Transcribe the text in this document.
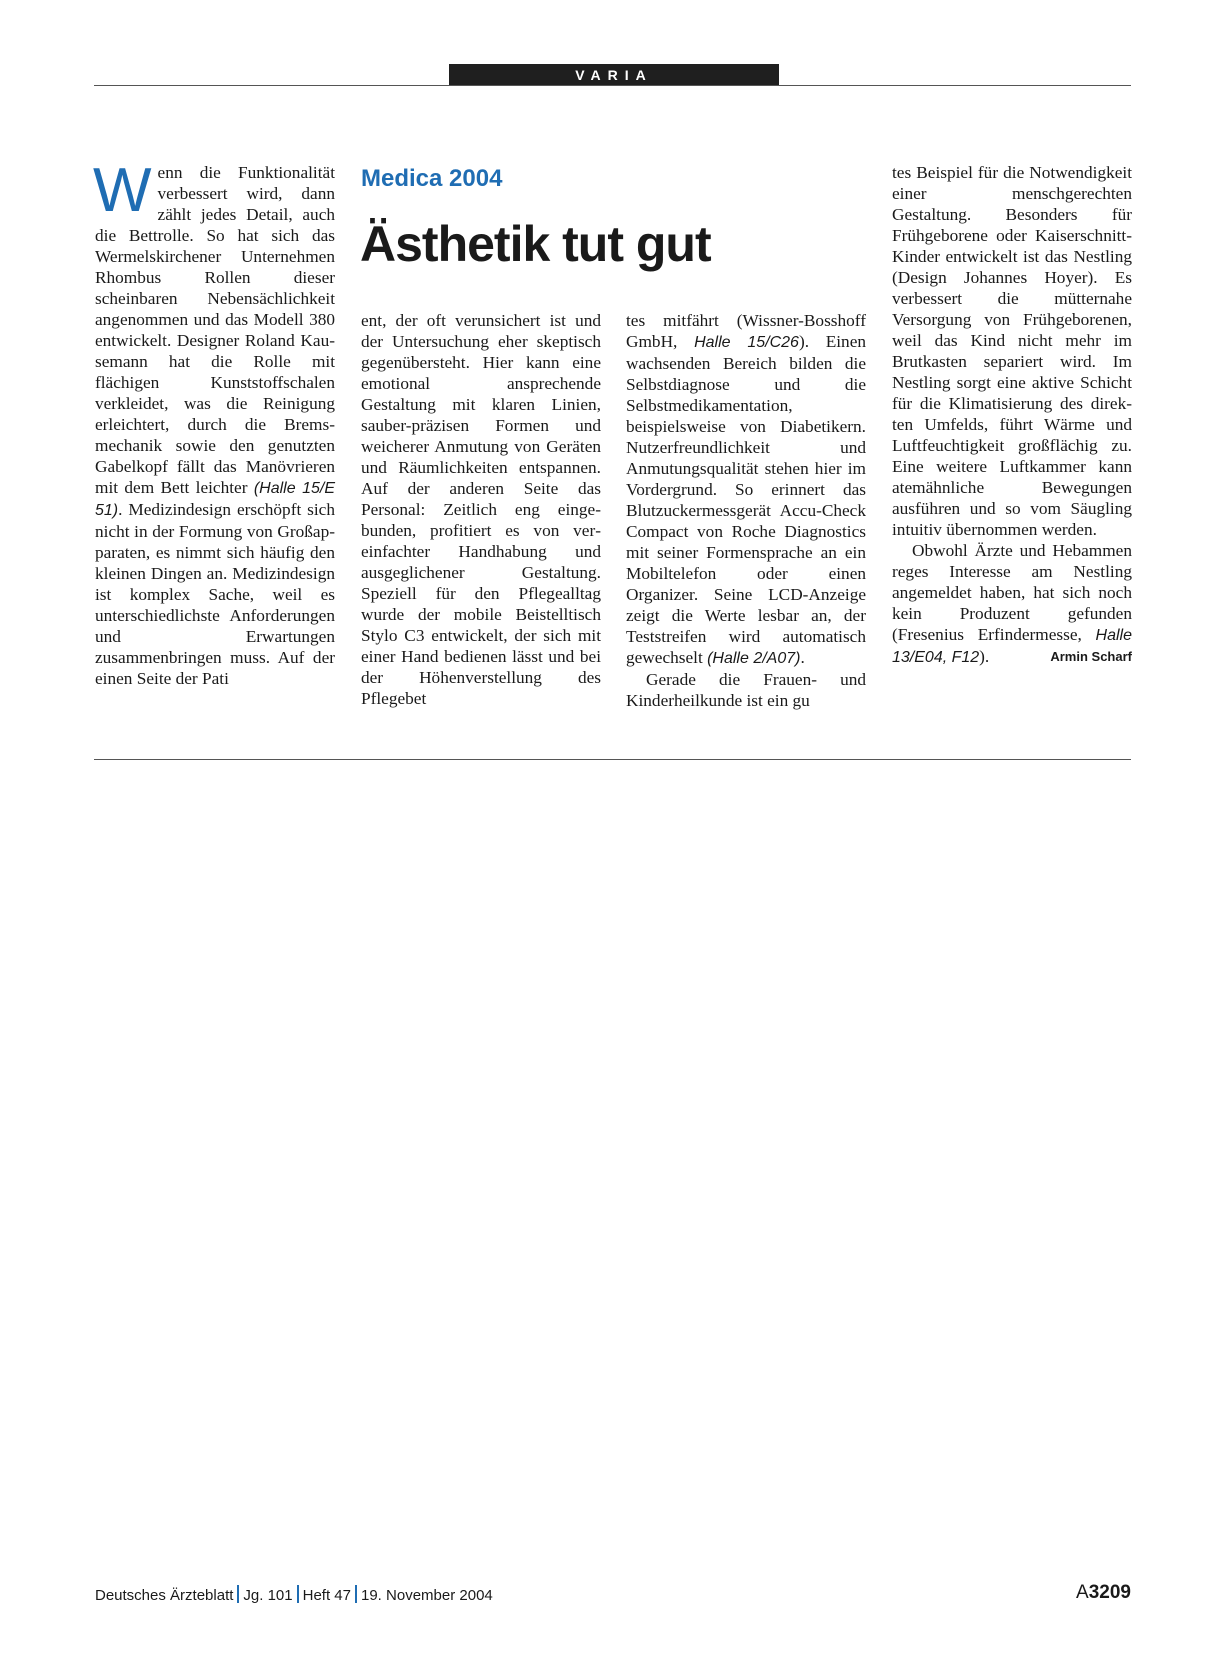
VARIA
Medica 2004
Ästhetik tut gut

Wenn die Funktionalität verbessert wird, dann zählt jedes Detail, auch die Bettrolle. So hat sich das Wermelskirchener Unternehmen Rhombus Rollen dieser scheinbaren Nebensächlichkeit angenommen und das Modell 380 entwickelt. Designer Roland Kausemann hat die Rolle mit flächigen Kunststoffschalen verkleidet, was die Reinigung erleichtert, durch die Bremsmechanik sowie den genutzten Gabelkopf fällt das Manövrieren mit dem Bett leichter (Halle 15/E 51). Medizindesign erschöpft sich nicht in der Formung von Großapparaten, es nimmt sich häufig den kleinen Dingen an. Medizindesign ist komplex Sache, weil es unterschiedlichste Anforderungen und Erwartungen zusammenbringen muss. Auf der einen Seite der Pati

ent, der oft verunsichert ist und der Untersuchung eher skeptisch gegenübersteht. Hier kann eine emotional ansprechende Gestaltung mit klaren Linien, sauber-präzisen Formen und weicherer Anmutung von Geräten und Räumlichkeiten entspannen. Auf der anderen Seite das Personal: Zeitlich eng eingebunden, profitiert es von vereinfachter Handhabung und ausgeglichener Gestaltung. Speziell für den Pflegealltag wurde der mobile Beistelltisch Stylo C3 entwickelt, der sich mit einer Hand bedienen lässt und bei der Höhenverstellung des Pflegebet

tes mitfährt (Wissner-Bosshoff GmbH, Halle 15/C26). Einen wachsenden Bereich bilden die Selbstdiagnose und die Selbstmedikamentation, beispielsweise von Diabetikern. Nutzerfreundlichkeit und Anmutungsqualität stehen hier im Vordergrund. So erinnert das Blutzuckermessgerät Accu-Check Compact von Roche Diagnostics mit seiner Formensprache an ein Mobiltelefon oder einen Organizer. Seine LCD-Anzeige zeigt die Werte lesbar an, der Teststreifen wird automatisch gewechselt (Halle 2/A07).

Gerade die Frauen- und Kinderheilkunde ist ein gu

tes Beispiel für die Notwendigkeit einer menschgerechten Gestaltung. Besonders für Frühgeborene oder Kaiserschnitt-Kinder entwickelt ist das Nestling (Design Johannes Hoyer). Es verbessert die mütternahe Versorgung von Frühgeborenen, weil das Kind nicht mehr im Brutkasten separiert wird. Im Nestling sorgt eine aktive Schicht für die Klimatisierung des direkten Umfelds, führt Wärme und Luftfeuchtigkeit großflächig zu. Eine weitere Luftkammer kann atemähnliche Bewegungen ausführen und so vom Säugling intuitiv übernommen werden.

Obwohl Ärzte und Hebammen reges Interesse am Nestling angemeldet haben, hat sich noch kein Produzent gefunden (Fresenius Erfindermesse, Halle 13/E04, F12).	Armin Scharf

Deutsches Ärzteblatt Jg. 101 Heft 47 19. November 2004	A3209
